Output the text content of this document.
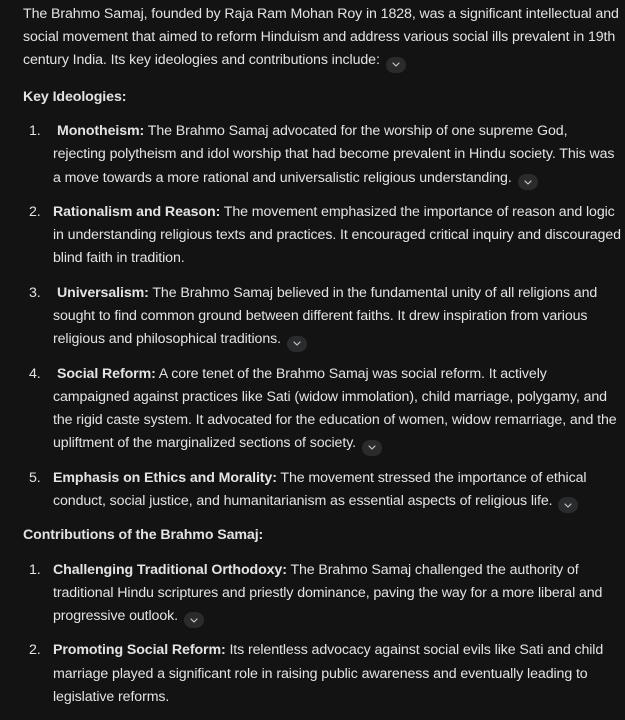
The Brahmo Samaj, founded by Raja Ram Mohan Roy in 1828, was a significant intellectual and social movement that aimed to reform Hinduism and address various social ills prevalent in 19th century India. Its key ideologies and contributions include:

Key Ideologies:

1.	Monotheism: The Brahmo Samaj advocated for the worship of one supreme God, rejecting polytheism and idol worship that had become prevalent in Hindu society. This was a move towards a more rational and universalistic religious understanding.
2. Rationalism and Reason: The movement emphasized the importance of reason and logic in understanding religious texts and practices. It encouraged critical inquiry and discouraged blind faith in tradition.
3.	Universalism: The Brahmo Samaj believed in the fundamental unity of all religions and sought to find common ground between different faiths. It drew inspiration from various religious and philosophical traditions.
4.	Social Reform: A core tenet of the Brahmo Samaj was social reform. It actively campaigned against practices like Sati (widow immolation), child marriage, polygamy, and the rigid caste system. It advocated for the education of women, widow remarriage, and the upliftment of the marginalized sections of society.
5. Emphasis on Ethics and Morality: The movement stressed the importance of ethical conduct, social justice, and humanitarianism as essential aspects of religious life.

Contributions of the Brahmo Samaj:

1. Challenging Traditional Orthodoxy: The Brahmo Samaj challenged the authority of traditional Hindu scriptures and priestly dominance, paving the way for a more liberal and progressive outlook.
2. Promoting Social Reform: Its relentless advocacy against social evils like Sati and child marriage played a significant role in raising public awareness and eventually leading to legislative reforms.
